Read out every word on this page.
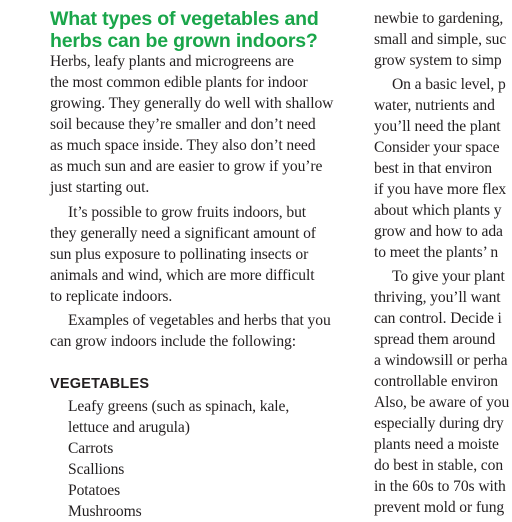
What types of vegetables and
herbs can be grown indoors?
Herbs, leafy plants and microgreens are
the most common edible plants for indoor
growing. They generally do well with shallow
soil because they’re smaller and don’t need
as much space inside. They also don’t need
as much sun and are easier to grow if you’re
just starting out.
It’s possible to grow fruits indoors, but
they generally need a significant amount of
sun plus exposure to pollinating insects or
animals and wind, which are more difficult
to replicate indoors.
Examples of vegetables and herbs that you
can grow indoors include the following:
VEGETABLES
Leafy greens (such as spinach, kale,
lettuce and arugula)
Carrots
Scallions
Potatoes
Mushrooms
newbie to gardening,
small and simple, suc
grow system to simp
On a basic level, p
water, nutrients and
you’ll need the plant
Consider your space
best in that environ
if you have more flex
about which plants y
grow and how to ada
to meet the plants’ n
To give your plant
thriving, you’ll want
can control. Decide i
spread them around
a windowsill or perha
controllable environ
Also, be aware of you
especially during dry
plants need a moiste
do best in stable, con
in the 60s to 70s with
prevent mold or fung
